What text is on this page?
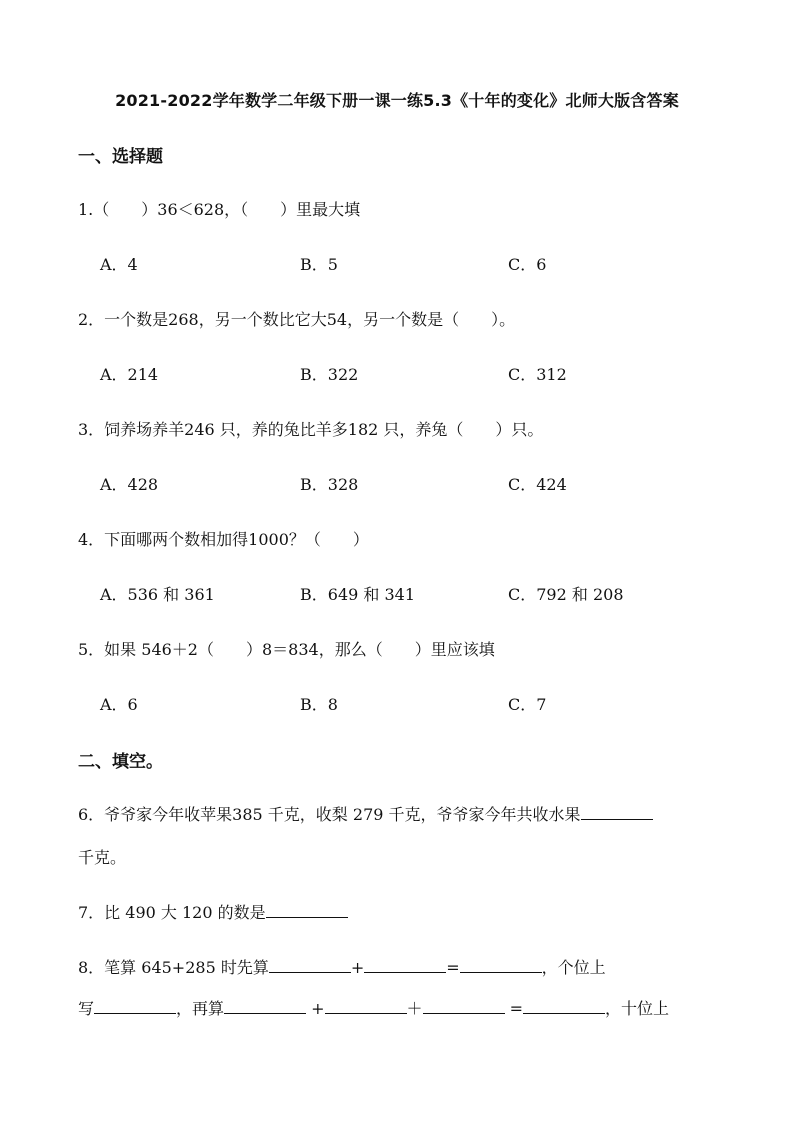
2021-2022学年数学二年级下册一课一练5.3《十年的变化》北师大版含答案
一、选择题
1.（　　）36＜628，（　　）里最大填
A．4	B．5	C．6
2．一个数是268，另一个数比它大54，另一个数是（　　）。
A．214	B．322	C．312
3．饲养场养羊246 只，养的兔比羊多182 只，养兔（　　）只。
A．428	B．328	C．424
4．下面哪两个数相加得1000？（　　）
A．536 和 361	B．649 和 341	C．792 和 208
5．如果 546＋2（　　）8＝834，那么（　　）里应该填
A．6	B．8	C．7
二、填空。
6．爷爷家今年收苹果385 千克，收梨 279 千克，爷爷家今年共收水果
千克。
7．比 490 大 120 的数是
8．笔算 645+285 时先算	+	=	，个位上
写	，再算	+	＋	=	，十位上
